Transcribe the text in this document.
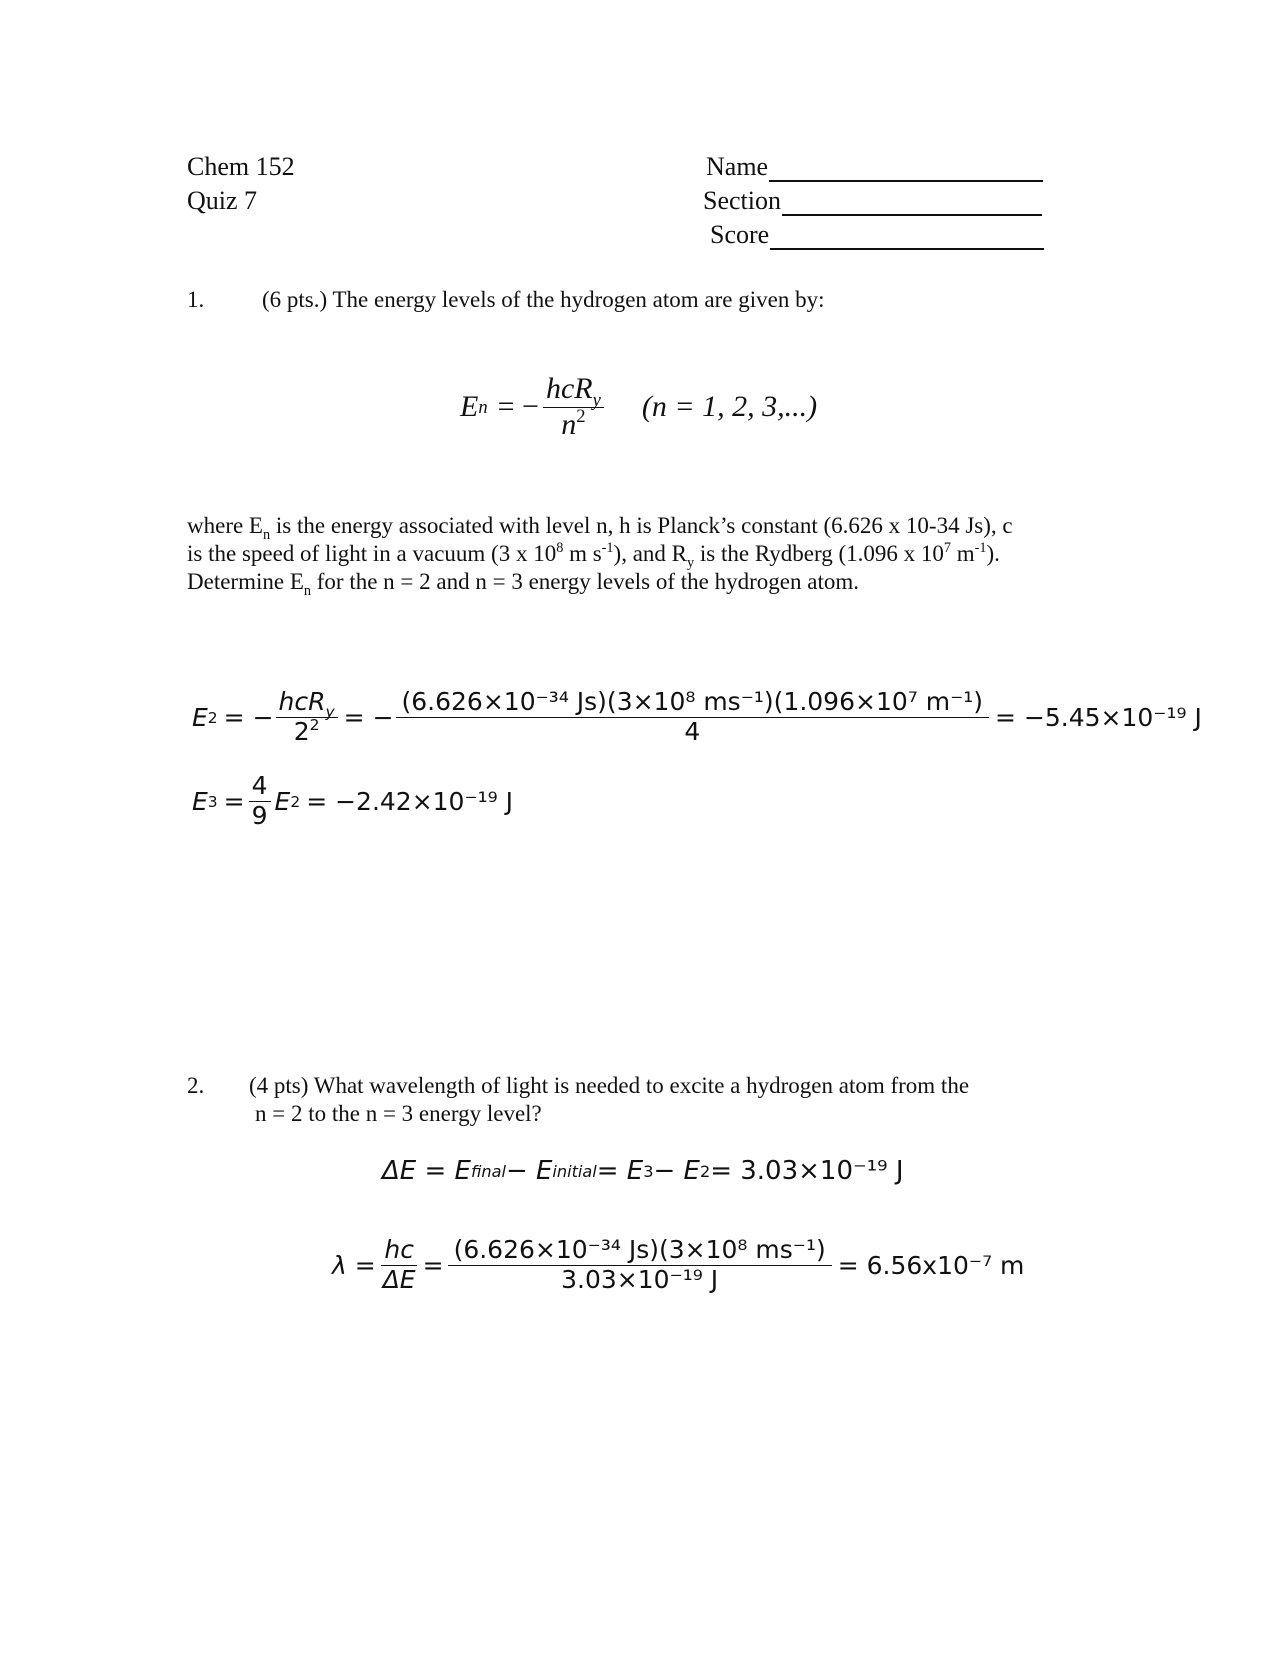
Chem 152
Quiz 7
Name
Section
Score
1.	(6 pts.) The energy levels of the hydrogen atom are given by:
$E_n$ = − $\frac{hcR_y}{n^2} (n = 1$, 2, 3,...)
where $E_n$ is the energy associated with level n, h is Planck’s constant (6.626 x 10-34 Js), c
is the speed of light in a vacuum (3 x $10^8$ m $s^{-1}$), and $R_y$ is the Rydberg (1.096 x $10^7$ $m^{-1}$).
Determine $E_n$ for the n = 2 and n = 3 energy levels of the hydrogen atom.
$E_2$ = − $\frac{hcR_y}{2^2}$ = − $\frac{\text{(6.626×10⁻³⁴ Js)(3×10⁸ ms⁻¹)(1.096×10⁷ m⁻¹)}}{4} = -5.45\times 10^{-19}$ J
$E_3 = \frac{4}{9} E_2 = -2.42\times 10^{-19}$ J
2. (4 pts) What wavelength of light is needed to excite a hydrogen atom from the
n = 2 to the n = 3 energy level?
$\Delta E = E_{final} - E_{initial} = E_3 - E_2 = 3.03\times 10^{-19}$ J
$\lambda = \frac{hc}{\Delta E} = \frac{\text{(6.626×10⁻³⁴ Js)(3×10⁸ ms⁻¹)}}{\text{3.03×10⁻¹⁹ J}} = 6.56x10^{-7}$ m
